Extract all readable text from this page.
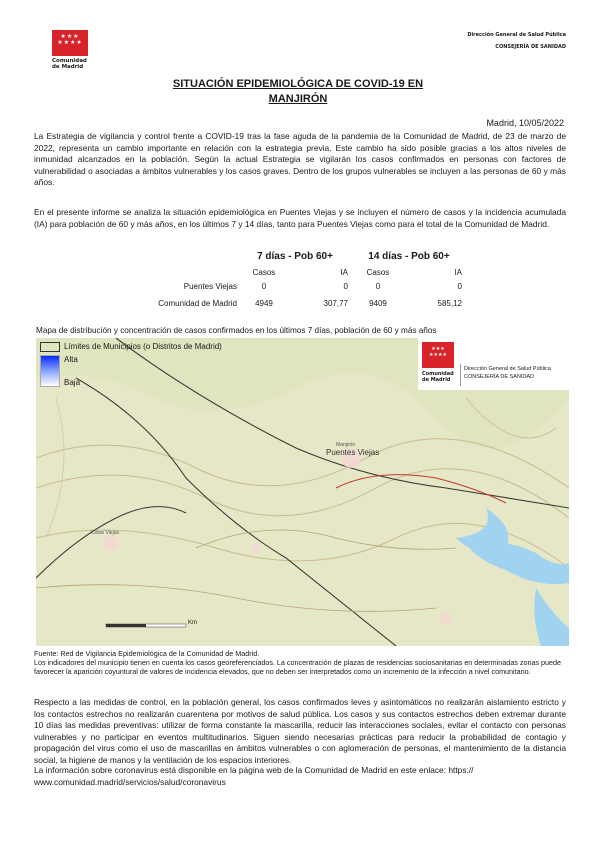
★★★ ★★★★
Comunidad
de Madrid
Dirección General de Salud Pública
CONSEJERÍA DE SANIDAD
SITUACIÓN EPIDEMIOLÓGICA DE COVID-19 EN
MANJIRÓN
Madrid, 10/05/2022
La Estrategia de vigilancia y control frente a COVID-19 tras la fase aguda de la pandemia de la Comunidad de Madrid, de 23 de marzo de 2022, representa un cambio importante en relación con la estrategia previa. Este cambio ha sido posible gracias a los altos niveles de inmunidad alcanzados en la población. Según la actual Estrategia se vigilarán los casos confirmados en personas con factores de vulnerabilidad o asociadas a ámbitos vulnerables y los casos graves. Dentro de los grupos vulnerables se incluyen a las personas de 60 y más años.
En el presente informe se analiza la situación epidemiológica en Puentes Viejas y se incluyen el número de casos y la incidencia acumulada (IA) para población de 60 y más años, en los últimos 7 y 14 días, tanto para Puentes Viejas como para el total de la Comunidad de Madrid.
	7 días - Pob 60+		14 días - Pob 60+	
	Casos	IA	Casos	IA
Puentes Viejas	0	0	0	0
Comunidad de Madrid	4949	307,77	9409	585,12
Mapa de distribución y concentración de casos confirmados en los últimos 7 días, población de 60 y más años
Límites de Municipios (o Distritos de Madrid)
Alta
Baja
Puentes Viejas
Manjirón
Cotos Viejos
Km
★★★ ★★★★
Comunidad
de Madrid
Dirección General de Salud Pública
CONSEJERÍA DE SANIDAD
Fuente: Red de Vigilancia Epidemiológica de la Comunidad de Madrid.
Los indicadores del municipio tienen en cuenta los casos georeferenciados. La concentración de plazas de residencias sociosanitarias en determinadas zonas puede favorecer la aparición coyuntural de valores de incidencia elevados, que no deben ser interpretados como un incremento de la infección a nivel comunitario.
Respecto a las medidas de control, en la población general, los casos confirmados leves y asintomáticos no realizarán aislamiento estricto y los contactos estrechos no realizarán cuarentena por motivos de salud pública. Los casos y sus contactos estrechos deben extremar durante 10 días las medidas preventivas: utilizar de forma constante la mascarilla, reducir las interacciones sociales, evitar el contacto con personas vulnerables y no participar en eventos multitudinarios. Siguen siendo necesarias prácticas para reducir la probabilidad de contagio y propagación del virus como el uso de mascarillas en ámbitos vulnerables o con aglomeración de personas, el mantenimiento de la distancia social, la higiene de manos y la ventilación de los espacios interiores.
La información sobre coronavirus está disponible en la página web de la Comunidad de Madrid en este enlace: https://
www.comunidad.madrid/servicios/salud/coronavirus
